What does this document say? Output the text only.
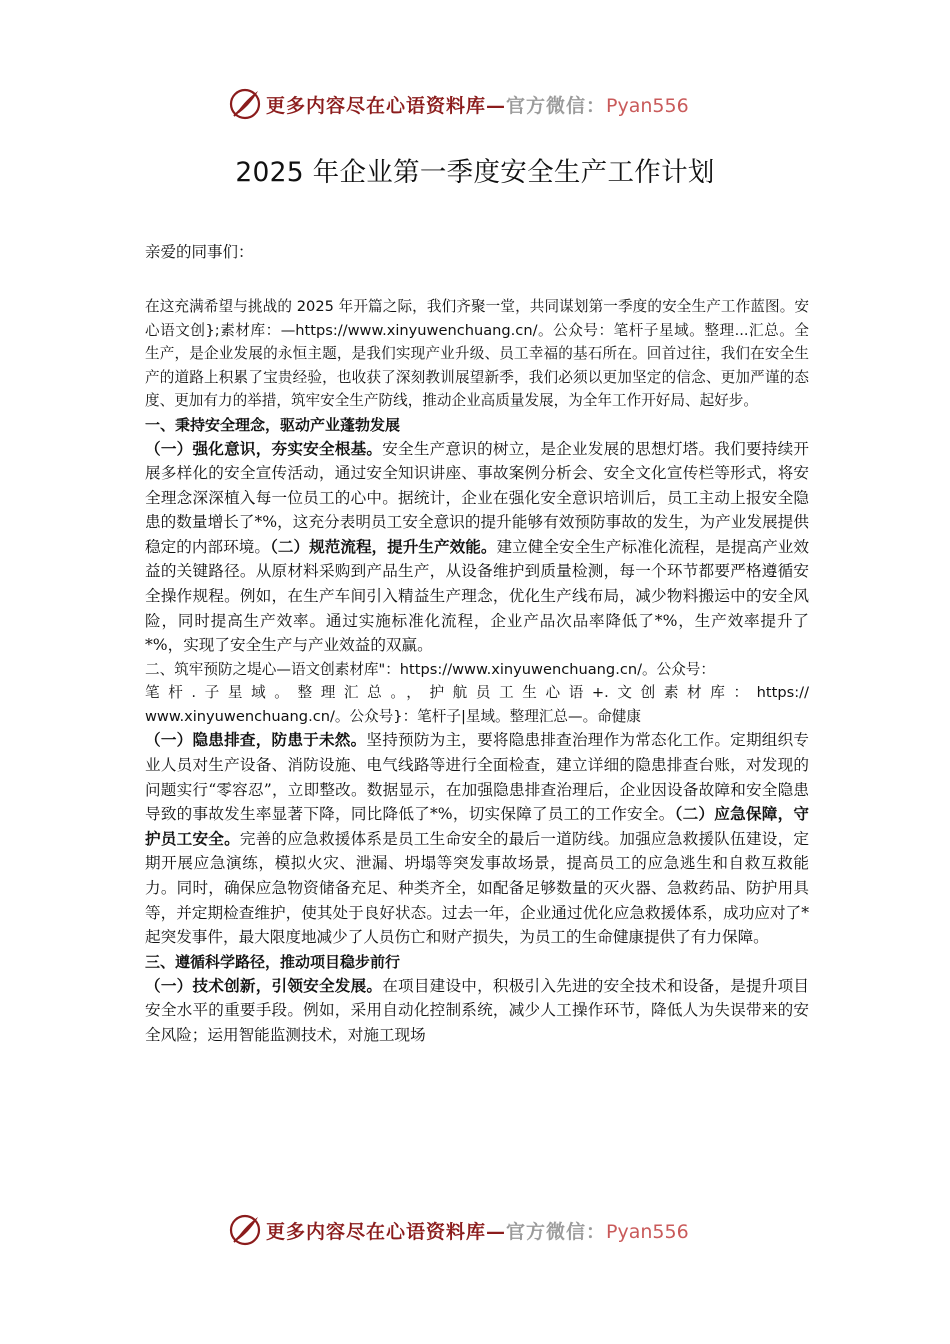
更多内容尽在心语资料库—官方微信：Pyan556
2025 年企业第一季度安全生产工作计划

亲爱的同事们：

在这充满希望与挑战的 2025 年开篇之际，我们齐聚一堂，共同谋划第一季度的安全生产工作蓝图。安心语文创};素材库：—https://www.xinyuwenchuang.cn/。公众号：笔杆子星域。整理...汇总。全生产，是企业发展的永恒主题，是我们实现产业升级、员工幸福的基石所在。回首过往，我们在安全生产的道路上积累了宝贵经验，也收获了深刻教训展望新季，我们必须以更加坚定的信念、更加严谨的态度、更加有力的举措，筑牢安全生产防线，推动企业高质量发展，为全年工作开好局、起好步。

一、秉持安全理念，驱动产业蓬勃发展

（一）强化意识，夯实安全根基。安全生产意识的树立，是企业发展的思想灯塔。我们要持续开展多样化的安全宣传活动，通过安全知识讲座、事故案例分析会、安全文化宣传栏等形式，将安全理念深深植入每一位员工的心中。据统计，企业在强化安全意识培训后，员工主动上报安全隐患的数量增长了*%，这充分表明员工安全意识的提升能够有效预防事故的发生，为产业发展提供稳定的内部环境。（二）规范流程，提升生产效能。建立健全安全生产标准化流程，是提高产业效益的关键路径。从原材料采购到产品生产，从设备维护到质量检测，每一个环节都要严格遵循安全操作规程。例如，在生产车间引入精益生产理念，优化生产线布局，减少物料搬运中的安全风险，同时提高生产效率。通过实施标准化流程，企业产品次品率降低了*%，生产效率提升了*%，实现了安全生产与产业效益的双赢。

二、筑牢预防之堤心—语文创素材库"：https://www.xinyuwenchuang.cn/。公众号：
笔杆.子星域。整理汇总。，护航员工生心语+.文创素材库：https://
www.xinyuwenchuang.cn/。公众号}：笔杆子|星域。整理汇总—。命健康

（一）隐患排查，防患于未然。坚持预防为主，要将隐患排查治理作为常态化工作。定期组织专业人员对生产设备、消防设施、电气线路等进行全面检查，建立详细的隐患排查台账，对发现的问题实行“零容忍”，立即整改。数据显示，在加强隐患排查治理后，企业因设备故障和安全隐患导致的事故发生率显著下降，同比降低了*%，切实保障了员工的工作安全。（二）应急保障，守护员工安全。完善的应急救援体系是员工生命安全的最后一道防线。加强应急救援队伍建设，定期开展应急演练，模拟火灾、泄漏、坍塌等突发事故场景，提高员工的应急逃生和自救互救能力。同时，确保应急物资储备充足、种类齐全，如配备足够数量的灭火器、急救药品、防护用具等，并定期检查维护，使其处于良好状态。过去一年，企业通过优化应急救援体系，成功应对了*起突发事件，最大限度地减少了人员伤亡和财产损失，为员工的生命健康提供了有力保障。

三、遵循科学路径，推动项目稳步前行

（一）技术创新，引领安全发展。在项目建设中，积极引入先进的安全技术和设备，是提升项目安全水平的重要手段。例如，采用自动化控制系统，减少人工操作环节，降低人为失误带来的安全风险；运用智能监测技术，对施工现场

更多内容尽在心语资料库—官方微信：Pyan556
